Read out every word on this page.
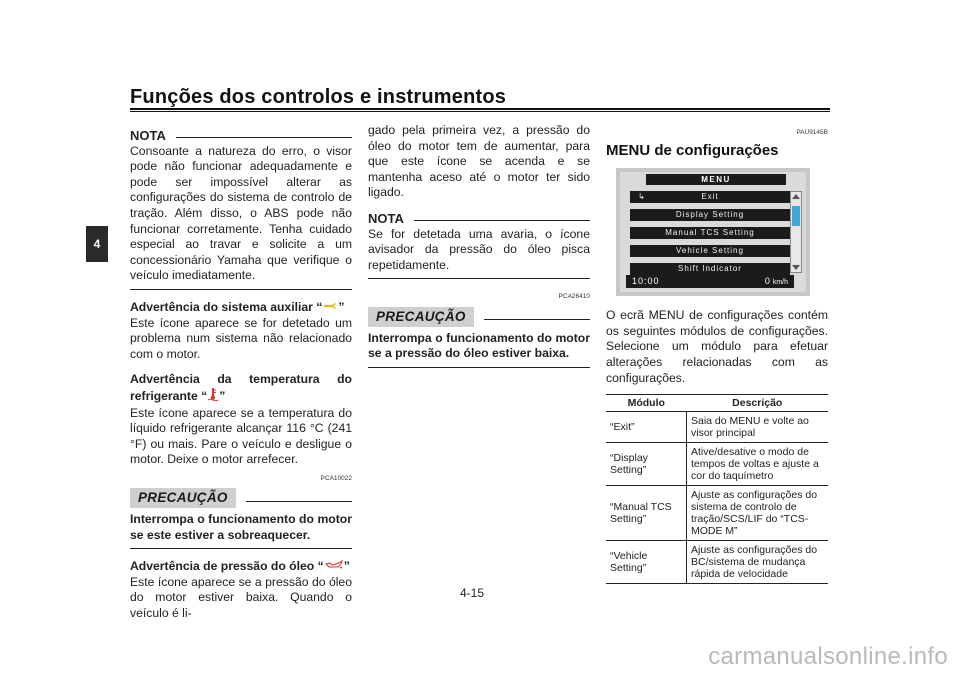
Funções dos controlos e instrumentos
4
NOTA

Consoante a natureza do erro, o visor pode não funcionar adequadamente e pode ser impossível alterar as configurações do sistema de controlo de tração. Além disso, o ABS pode não funcionar corretamente. Tenha cuidado especial ao travar e solicite a um concessionário Yamaha que verifique o veículo imediatamente.

Advertência do sistema auxiliar “ ”

Este ícone aparece se for detetado um problema num sistema não relacionado com o motor.

Advertência da temperatura do refrigerante “ ”

Este ícone aparece se a temperatura do líquido refrigerante alcançar 116 °C (241 °F) ou mais. Pare o veículo e desligue o motor. Deixe o motor arrefecer.

PCA10022
PRECAUÇÃO

Interrompa o funcionamento do motor se este estiver a sobreaquecer.

Advertência de pressão do óleo “ ”

Este ícone aparece se a pressão do óleo do motor estiver baixa. Quando o veículo é li-

gado pela primeira vez, a pressão do óleo do motor tem de aumentar, para que este ícone se acenda e se mantenha aceso até o motor ter sido ligado.

NOTA

Se for detetada uma avaria, o ícone avisador da pressão do óleo pisca repetidamente.

PCA26410
PRECAUÇÃO

Interrompa o funcionamento do motor se a pressão do óleo estiver baixa.

PAU9145B
MENU de configurações
MENU
↳	Exit
Display Setting
Manual TCS Setting
Vehicle Setting
Shift Indicator
10:00	0 km/h

O ecrã MENU de configurações contém os seguintes módulos de configurações. Selecione um módulo para efetuar alterações relacionadas com as configurações.

Módulo	Descrição
“Exit”	Saia do MENU e volte ao visor principal
“Display Setting”	Ative/desative o modo de tempos de voltas e ajuste a cor do taquímetro
“Manual TCS Setting”	Ajuste as configurações do sistema de controlo de tração/SCS/LIF do “TCS-MODE M”
“Vehicle Setting”	Ajuste as configurações do BC/sistema de mudança rápida de velocidade
4-15
carmanualsonline.info
